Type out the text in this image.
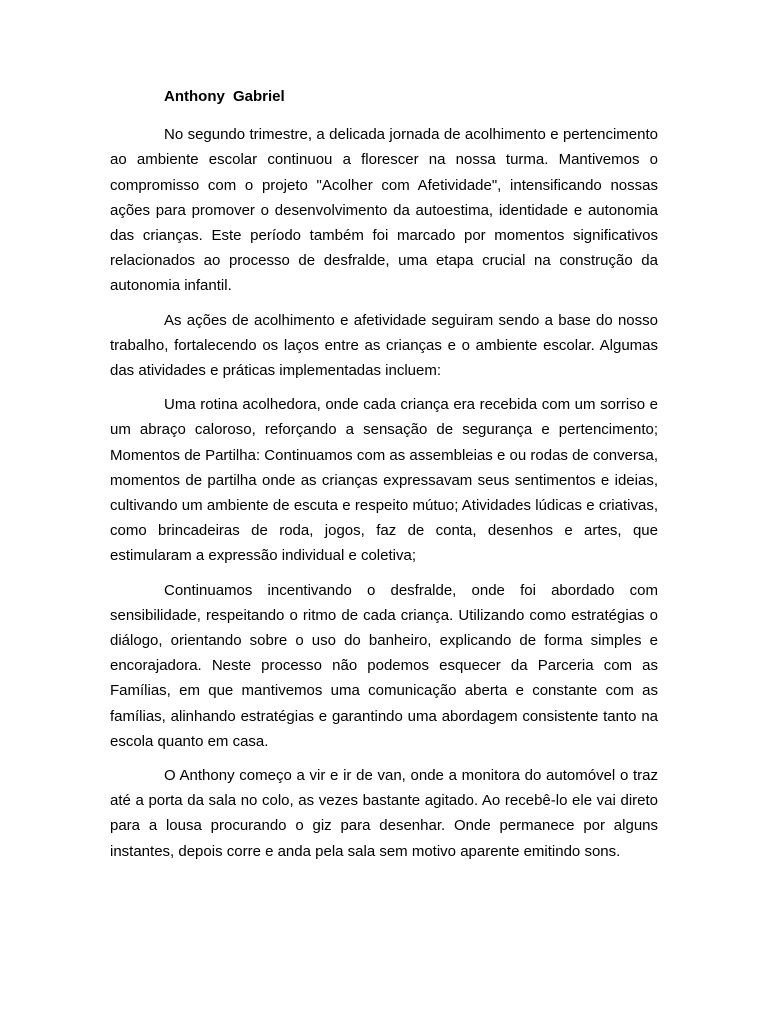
Anthony Gabriel

No segundo trimestre, a delicada jornada de acolhimento e pertencimento ao ambiente escolar continuou a florescer na nossa turma. Mantivemos o compromisso com o projeto "Acolher com Afetividade", intensificando nossas ações para promover o desenvolvimento da autoestima, identidade e autonomia das crianças. Este período também foi marcado por momentos significativos relacionados ao processo de desfralde, uma etapa crucial na construção da autonomia infantil.

As ações de acolhimento e afetividade seguiram sendo a base do nosso trabalho, fortalecendo os laços entre as crianças e o ambiente escolar. Algumas das atividades e práticas implementadas incluem:

Uma rotina acolhedora, onde cada criança era recebida com um sorriso e um abraço caloroso, reforçando a sensação de segurança e pertencimento; Momentos de Partilha: Continuamos com as assembleias e ou rodas de conversa, momentos de partilha onde as crianças expressavam seus sentimentos e ideias, cultivando um ambiente de escuta e respeito mútuo; Atividades lúdicas e criativas, como brincadeiras de roda, jogos, faz de conta, desenhos e artes, que estimularam a expressão individual e coletiva;

Continuamos incentivando o desfralde, onde foi abordado com sensibilidade, respeitando o ritmo de cada criança. Utilizando como estratégias o diálogo, orientando sobre o uso do banheiro, explicando de forma simples e encorajadora. Neste processo não podemos esquecer da Parceria com as Famílias, em que mantivemos uma comunicação aberta e constante com as famílias, alinhando estratégias e garantindo uma abordagem consistente tanto na escola quanto em casa.

O Anthony começo a vir e ir de van, onde a monitora do automóvel o traz até a porta da sala no colo, as vezes bastante agitado. Ao recebê-lo ele vai direto para a lousa procurando o giz para desenhar. Onde permanece por alguns instantes, depois corre e anda pela sala sem motivo aparente emitindo sons.
